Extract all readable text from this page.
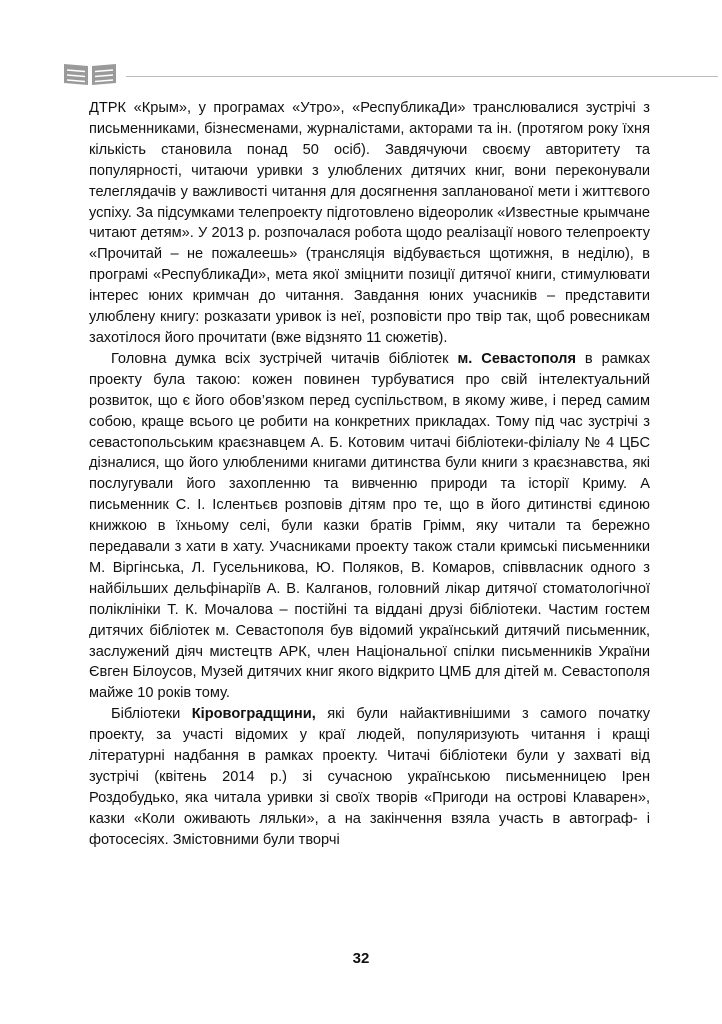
ДТРК «Крым», у програмах «Утро», «РеспубликаДи» транслювалися зустрічі з письменниками, бізнесменами, журналістами, акторами та ін. (протягом року їхня кількість становила понад 50 осіб). Завдячуючи своєму авторитету та популярності, читаючи уривки з улюблених дитячих книг, вони переконували телеглядачів у важливості читання для досягнення запланованої мети і життєвого успіху. За підсумками телепроекту підготовлено відеоролик «Известные крымчане читают детям». У 2013 р. розпочалася робота щодо реалізації нового телепроекту «Прочитай – не пожалеешь» (трансляція відбувається щотижня, в неділю), в програмі «РеспубликаДи», мета якої зміцнити позиції дитячої книги, стимулювати інтерес юних кримчан до читання. Завдання юних учасників – представити улюблену книгу: розказати уривок із неї, розповісти про твір так, щоб ровесникам захотілося його прочитати (вже відзнято 11 сюжетів).

Головна думка всіх зустрічей читачів бібліотек м. Севастополя в рамках проекту була такою: кожен повинен турбуватися про свій інтелектуальний розвиток, що є його обов’язком перед суспільством, в якому живе, і перед самим собою, краще всього це робити на конкретних прикладах. Тому під час зустрічі з севастопольським краєзнавцем А. Б. Котовим читачі бібліотеки-філіалу № 4 ЦБС дізналися, що його улюбленими книгами дитинства були книги з краєзнавства, які послугували його захопленню та вивченню природи та історії Криму. А письменник С. І. Іслентьєв розповів дітям про те, що в його дитинстві єдиною книжкою в їхньому селі, були казки братів Грімм, яку читали та бережно передавали з хати в хату. Учасниками проекту також стали кримські письменники М. Віргінська, Л. Гусельникова, Ю. Поляков, В. Комаров, співвласник одного з найбільших дельфінаріїв А. В. Калганов, головний лікар дитячої стоматологічної поліклініки Т. К. Мочалова – постійні та віддані друзі бібліотеки. Частим гостем дитячих бібліотек м. Севастополя був відомий український дитячий письменник, заслужений діяч мистецтв АРК, член Національної спілки письменників України Євген Білоусов, Музей дитячих книг якого відкрито ЦМБ для дітей м. Севастополя майже 10 років тому.

Бібліотеки Кіровоградщини, які були найактивнішими з самого початку проекту, за участі відомих у краї людей, популяризують читання і кращі літературні надбання в рамках проекту. Читачі бібліотеки були у захваті від зустрічі (квітень 2014 р.) зі сучасною українською письменницею Ірен Роздобудько, яка читала уривки зі своїх творів «Пригоди на острові Клаварен», казки «Коли оживають ляльки», а на закінчення взяла участь в автограф- і фотосесіях. Змістовними були творчі

32
